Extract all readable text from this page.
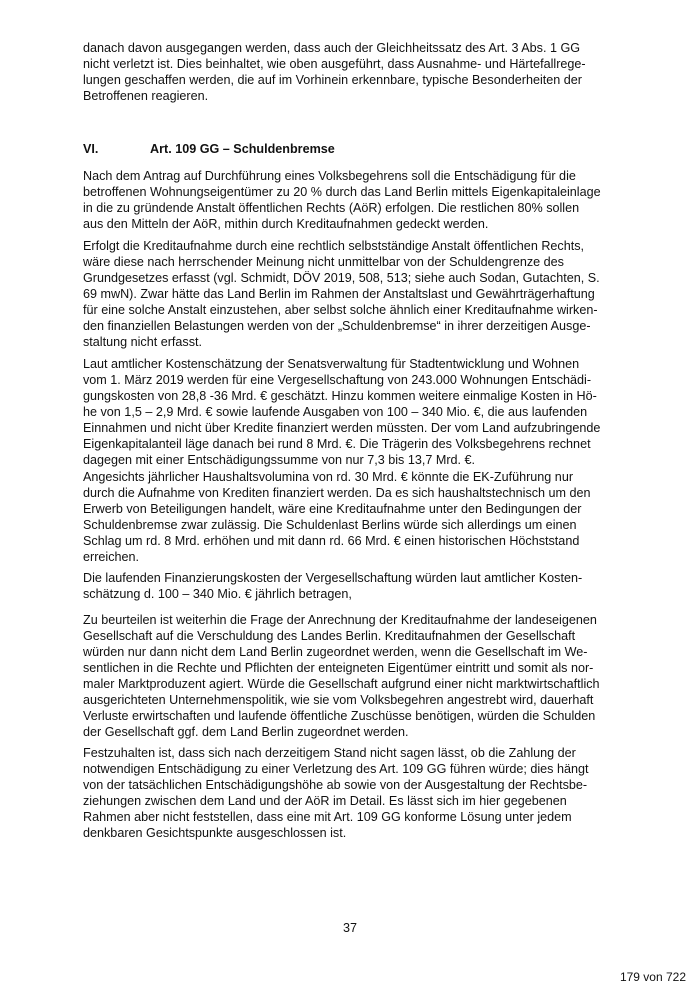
danach davon ausgegangen werden, dass auch der Gleichheitssatz des Art. 3 Abs. 1 GG
nicht verletzt ist. Dies beinhaltet, wie oben ausgeführt, dass Ausnahme- und Härtefallrege-
lungen geschaffen werden, die auf im Vorhinein erkennbare, typische Besonderheiten der
Betroffenen reagieren.

VI.	Art. 109 GG – Schuldenbremse

Nach dem Antrag auf Durchführung eines Volksbegehrens soll die Entschädigung für die
betroffenen Wohnungseigentümer zu 20 % durch das Land Berlin mittels Eigenkapitaleinlage
in die zu gründende Anstalt öffentlichen Rechts (AöR) erfolgen. Die restlichen 80% sollen
aus den Mitteln der AöR, mithin durch Kreditaufnahmen gedeckt werden.

Erfolgt die Kreditaufnahme durch eine rechtlich selbstständige Anstalt öffentlichen Rechts,
wäre diese nach herrschender Meinung nicht unmittelbar von der Schuldengrenze des
Grundgesetzes erfasst (vgl. Schmidt, DÖV 2019, 508, 513; siehe auch Sodan, Gutachten, S.
69 mwN). Zwar hätte das Land Berlin im Rahmen der Anstaltslast und Gewährträgerhaftung
für eine solche Anstalt einzustehen, aber selbst solche ähnlich einer Kreditaufnahme wirken-
den finanziellen Belastungen werden von der „Schuldenbremse“ in ihrer derzeitigen Ausge-
staltung nicht erfasst.

Laut amtlicher Kostenschätzung der Senatsverwaltung für Stadtentwicklung und Wohnen
vom 1. März 2019 werden für eine Vergesellschaftung von 243.000 Wohnungen Entschädi-
gungskosten von 28,8 -36 Mrd. € geschätzt. Hinzu kommen weitere einmalige Kosten in Hö-
he von 1,5 – 2,9 Mrd. € sowie laufende Ausgaben von 100 – 340 Mio. €, die aus laufenden
Einnahmen und nicht über Kredite finanziert werden müssten. Der vom Land aufzubringende
Eigenkapitalanteil läge danach bei rund 8 Mrd. €. Die Trägerin des Volksbegehrens rechnet
dagegen mit einer Entschädigungssumme von nur 7,3 bis 13,7 Mrd. €.

Angesichts jährlicher Haushaltsvolumina von rd. 30 Mrd. € könnte die EK-Zuführung nur
durch die Aufnahme von Krediten finanziert werden. Da es sich haushaltstechnisch um den
Erwerb von Beteiligungen handelt, wäre eine Kreditaufnahme unter den Bedingungen der
Schuldenbremse zwar zulässig. Die Schuldenlast Berlins würde sich allerdings um einen
Schlag um rd. 8 Mrd. erhöhen und mit dann rd. 66 Mrd. € einen historischen Höchststand
erreichen.

Die laufenden Finanzierungskosten der Vergesellschaftung würden laut amtlicher Kosten-
schätzung d. 100 – 340 Mio. € jährlich betragen,

Zu beurteilen ist weiterhin die Frage der Anrechnung der Kreditaufnahme der landeseigenen
Gesellschaft auf die Verschuldung des Landes Berlin. Kreditaufnahmen der Gesellschaft
würden nur dann nicht dem Land Berlin zugeordnet werden, wenn die Gesellschaft im We-
sentlichen in die Rechte und Pflichten der enteigneten Eigentümer eintritt und somit als nor-
maler Marktproduzent agiert. Würde die Gesellschaft aufgrund einer nicht marktwirtschaftlich
ausgerichteten Unternehmenspolitik, wie sie vom Volksbegehren angestrebt wird, dauerhaft
Verluste erwirtschaften und laufende öffentliche Zuschüsse benötigen, würden die Schulden
der Gesellschaft ggf. dem Land Berlin zugeordnet werden.

Festzuhalten ist, dass sich nach derzeitigem Stand nicht sagen lässt, ob die Zahlung der
notwendigen Entschädigung zu einer Verletzung des Art. 109 GG führen würde; dies hängt
von der tatsächlichen Entschädigungshöhe ab sowie von der Ausgestaltung der Rechtsbe-
ziehungen zwischen dem Land und der AöR im Detail. Es lässt sich im hier gegebenen
Rahmen aber nicht feststellen, dass eine mit Art. 109 GG konforme Lösung unter jedem
denkbaren Gesichtspunkte ausgeschlossen ist.

37
179 von 722
